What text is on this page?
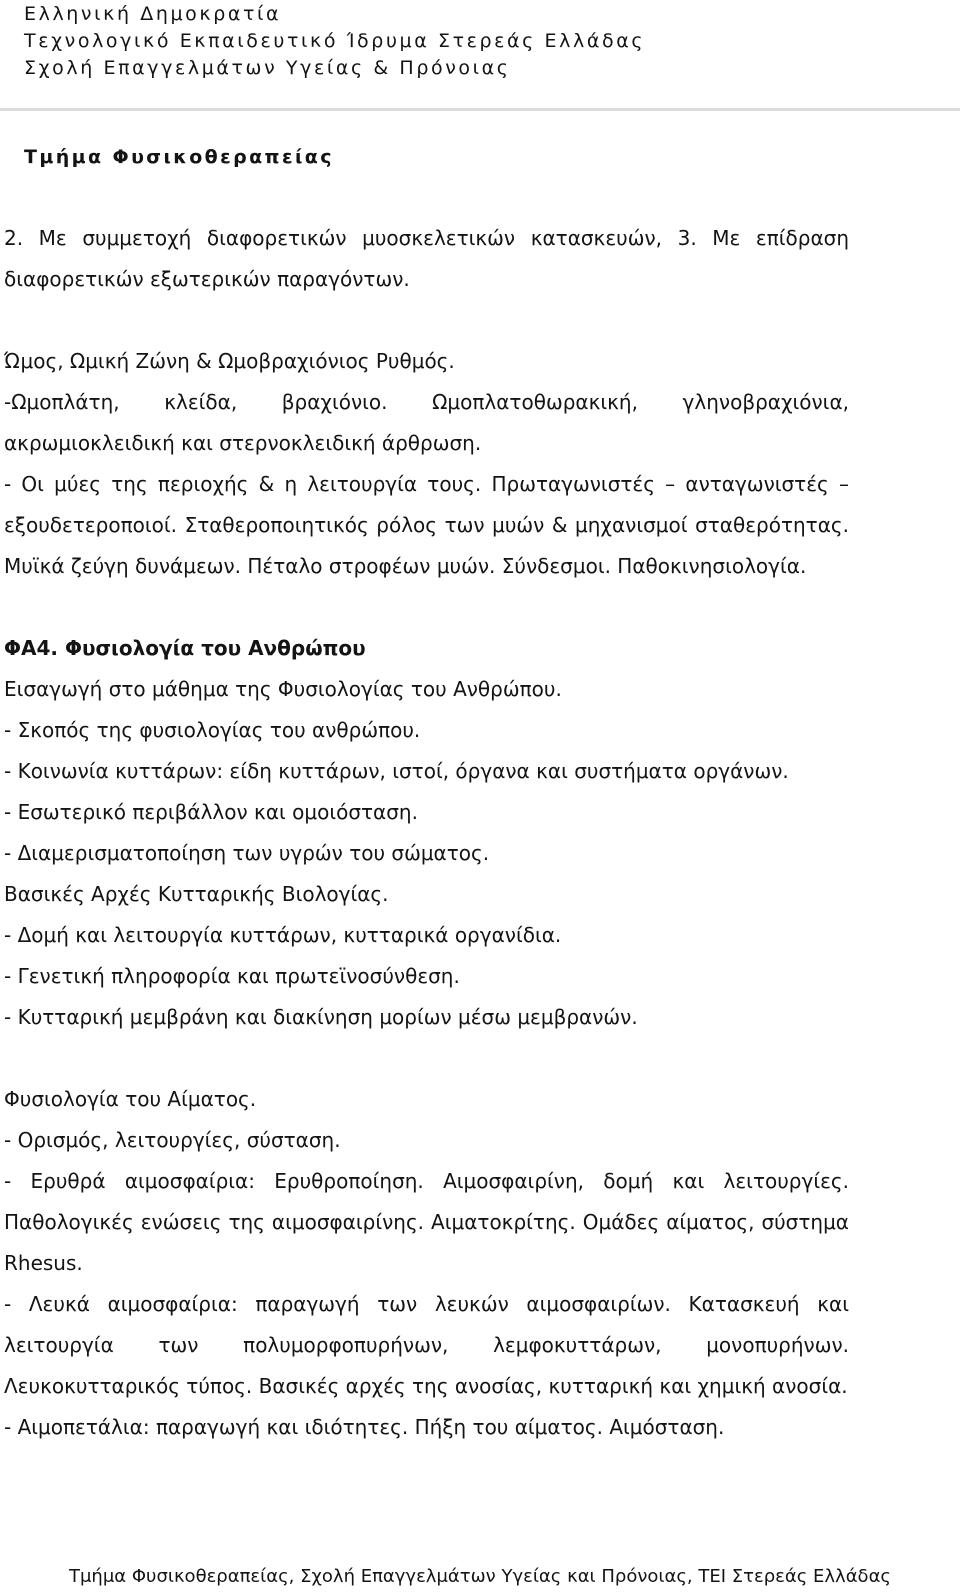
Ελληνική Δημοκρατία
Τεχνολογικό Εκπαιδευτικό Ίδρυμα Στερεάς Ελλάδας
Σχολή Επαγγελμάτων Υγείας & Πρόνοιας
Τμήμα Φυσικοθεραπείας

2. Με συμμετοχή διαφορετικών μυοσκελετικών κατασκευών, 3. Με επίδραση διαφορετικών εξωτερικών παραγόντων.

Ώμος, Ωμική Ζώνη & Ωμοβραχιόνιος Ρυθμός.

-Ωμοπλάτη, κλείδα, βραχιόνιο. Ωμοπλατοθωρακική, γληνοβραχιόνια, ακρωμιοκλειδική και στερνοκλειδική άρθρωση.

- Οι μύες της περιοχής & η λειτουργία τους. Πρωταγωνιστές – ανταγωνιστές – εξουδετεροποιοί. Σταθεροποιητικός ρόλος των μυών & μηχανισμοί σταθερότητας. Μυϊκά ζεύγη δυνάμεων. Πέταλο στροφέων μυών. Σύνδεσμοι. Παθοκινησιολογία.

ΦΑ4. Φυσιολογία του Ανθρώπου

Εισαγωγή στο μάθημα της Φυσιολογίας του Ανθρώπου.

- Σκοπός της φυσιολογίας του ανθρώπου.

- Κοινωνία κυττάρων: είδη κυττάρων, ιστοί, όργανα και συστήματα οργάνων.

- Εσωτερικό περιβάλλον και ομοιόσταση.

- Διαμερισματοποίηση των υγρών του σώματος.

Βασικές Αρχές Κυτταρικής Βιολογίας.

- Δομή και λειτουργία κυττάρων, κυτταρικά οργανίδια.

- Γενετική πληροφορία και πρωτεϊνοσύνθεση.

- Κυτταρική μεμβράνη και διακίνηση μορίων μέσω μεμβρανών.

Φυσιολογία του Αίματος.

- Ορισμός, λειτουργίες, σύσταση.

- Ερυθρά αιμοσφαίρια: Ερυθροποίηση. Αιμοσφαιρίνη, δομή και λειτουργίες. Παθολογικές ενώσεις της αιμοσφαιρίνης. Αιματοκρίτης. Ομάδες αίματος, σύστημα Rhesus.

- Λευκά αιμοσφαίρια: παραγωγή των λευκών αιμοσφαιρίων. Κατασκευή και λειτουργία των πολυμορφοπυρήνων, λεμφοκυττάρων, μονοπυρήνων. Λευκοκυτταρικός τύπος. Βασικές αρχές της ανοσίας, κυτταρική και χημική ανοσία.

- Αιμοπετάλια: παραγωγή και ιδιότητες. Πήξη του αίματος. Αιμόσταση.

Τμήμα Φυσικοθεραπείας, Σχολή Επαγγελμάτων Υγείας και Πρόνοιας, ΤΕΙ Στερεάς Ελλάδας
